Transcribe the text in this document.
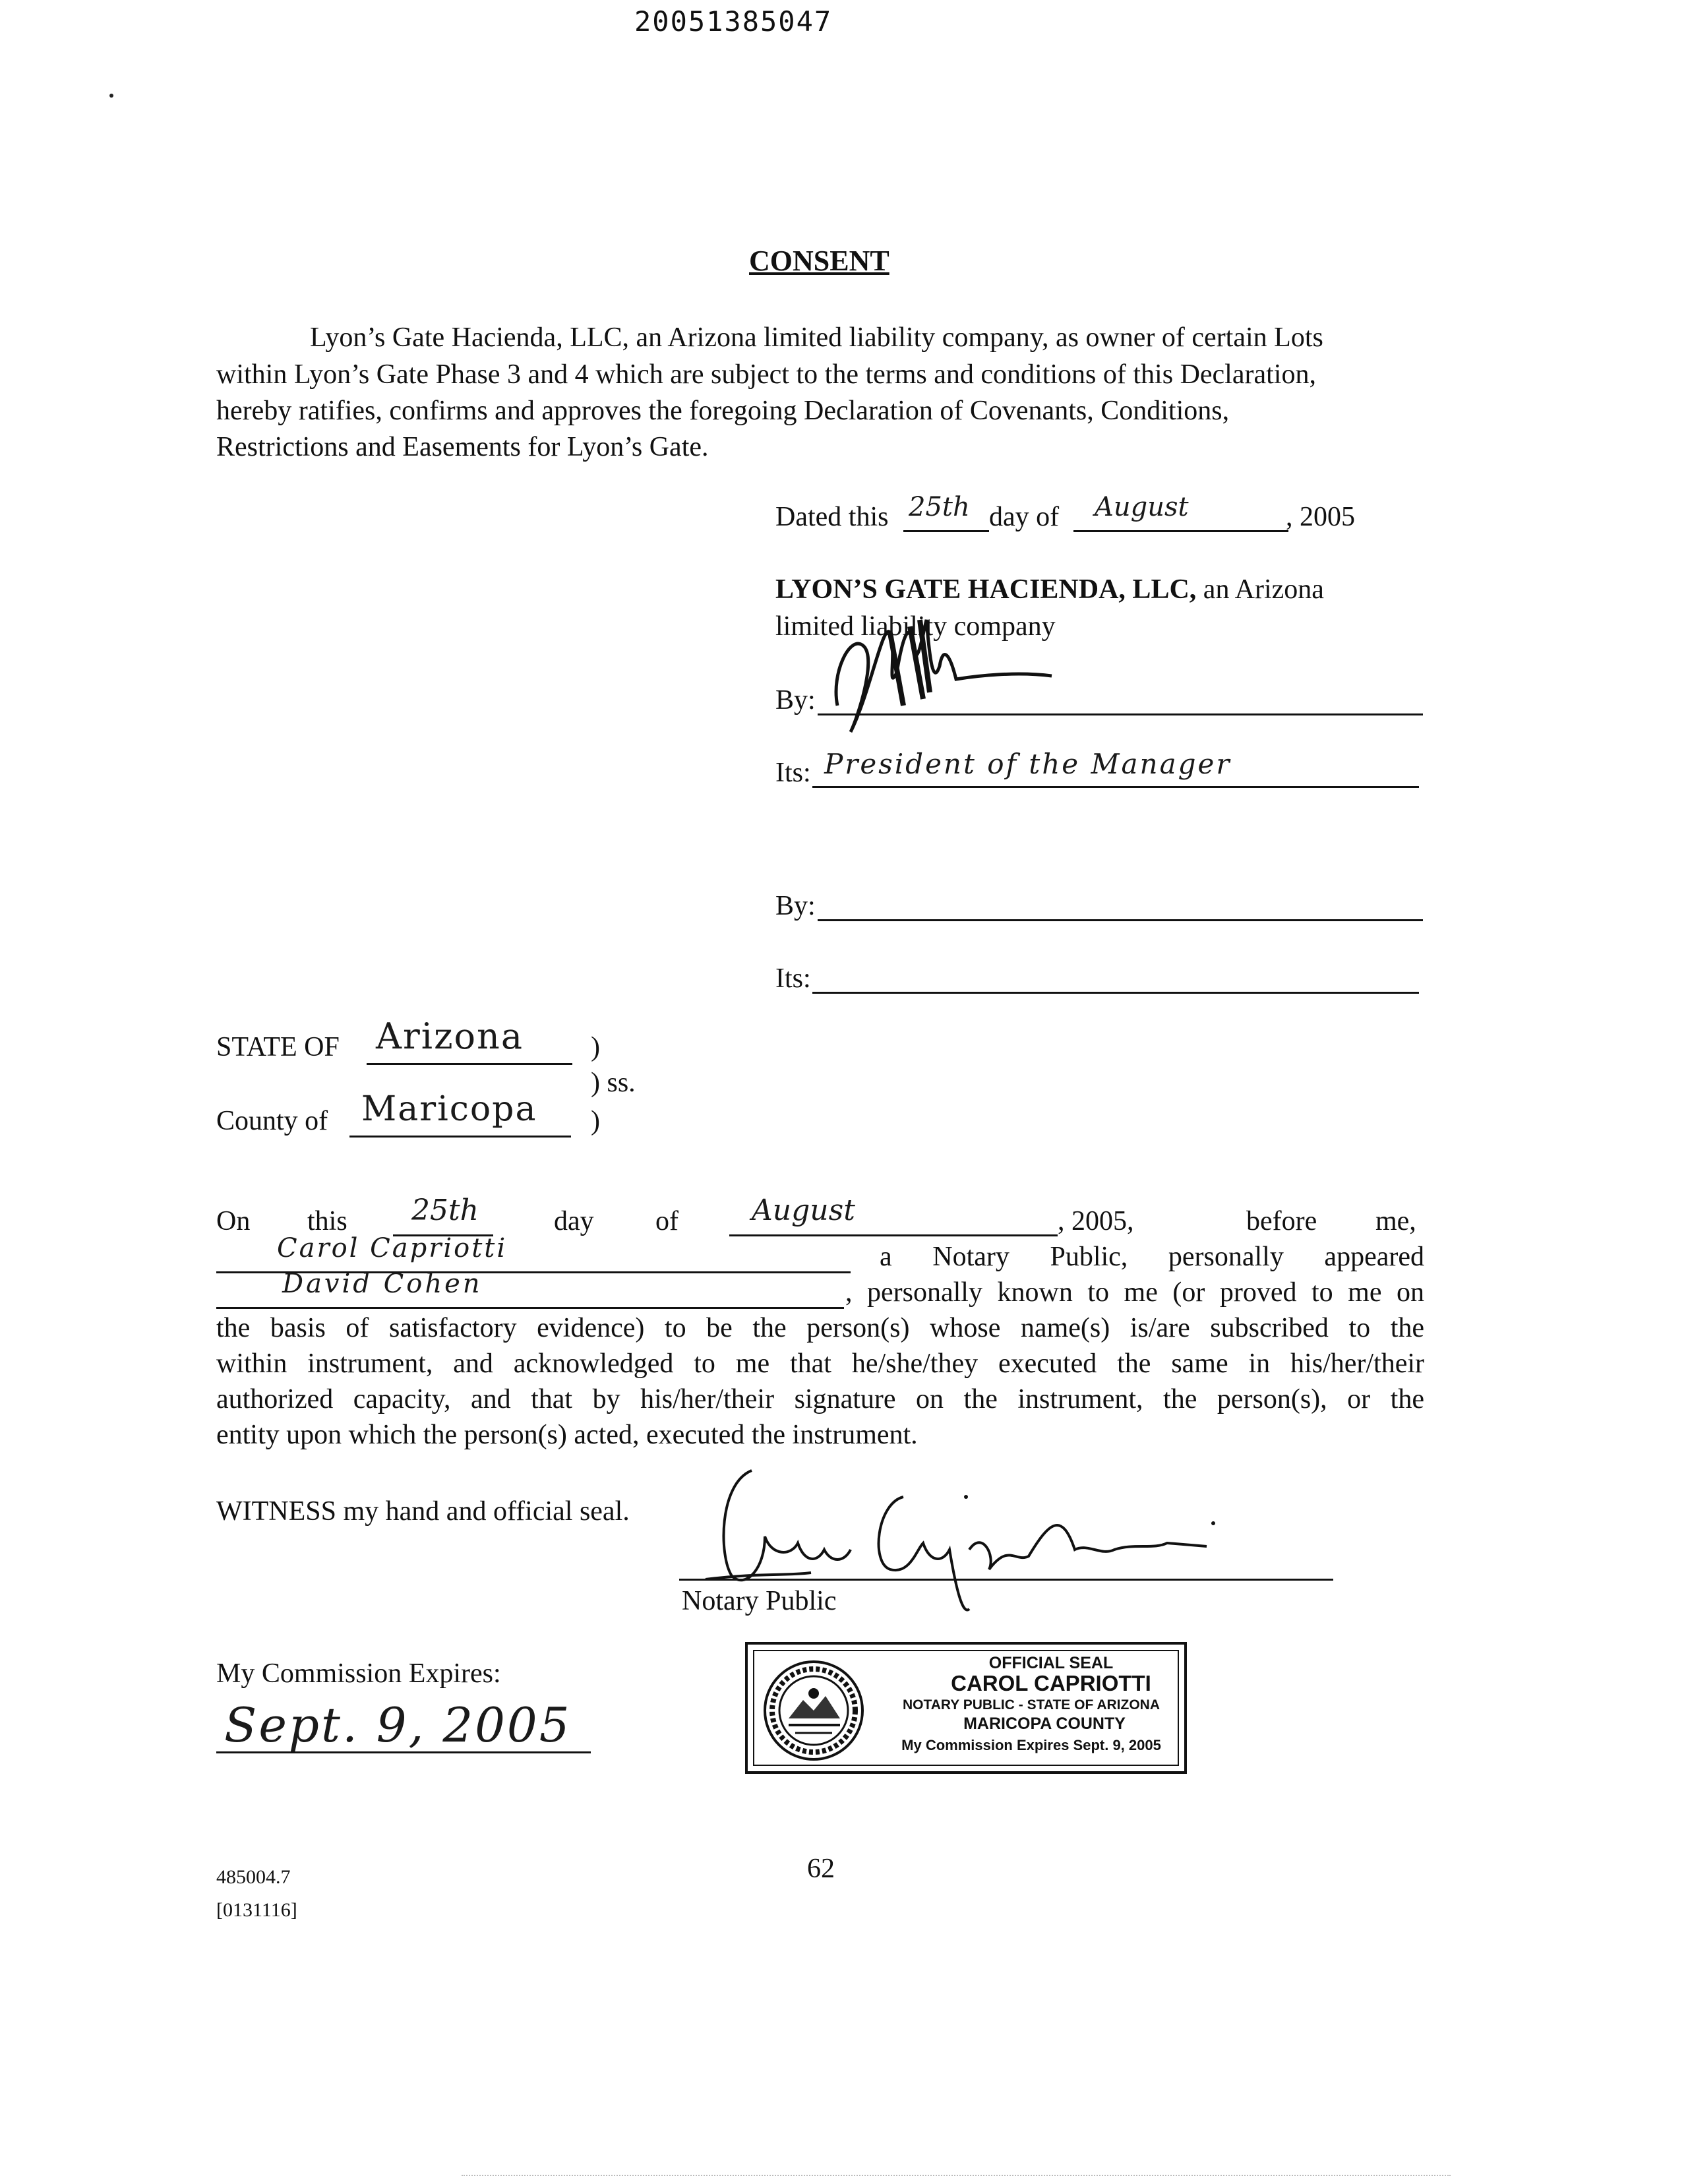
20051385047
CONSENT
Lyon’s Gate Hacienda, LLC, an Arizona limited liability company, as owner of certain Lots
within Lyon’s Gate Phase 3 and 4 which are subject to the terms and conditions of this Declaration,
hereby ratifies, confirms and approves the foregoing Declaration of Covenants, Conditions,
Restrictions and Easements for Lyon’s Gate.
Dated this 25th day of August	, 2005
LYON’S GATE HACIENDA, LLC, an Arizona
limited liability company
By:
Its: President of the Manager
By:
Its:
STATE OF Arizona )
) ss.
County of Maricopa )
On this 25th	day of	August	, 2005,	before me,
Carol Capriotti	a Notary Public, personally appeared
David Cohen	, personally known to me (or proved to me on
the basis of satisfactory evidence) to be the person(s) whose name(s) is/are subscribed to the
within instrument, and acknowledged to me that he/she/they executed the same in his/her/their
authorized capacity, and that by his/her/their signature on the instrument, the person(s), or the
entity upon which the person(s) acted, executed the instrument.
WITNESS my hand and official seal.
Notary Public
My Commission Expires:
Sept. 9, 2005
OFFICIAL SEAL
CAROL CAPRIOTTI
NOTARY PUBLIC - STATE OF ARIZONA
MARICOPA COUNTY
My Commission Expires Sept. 9, 2005
485004.7
[0131116]
62
